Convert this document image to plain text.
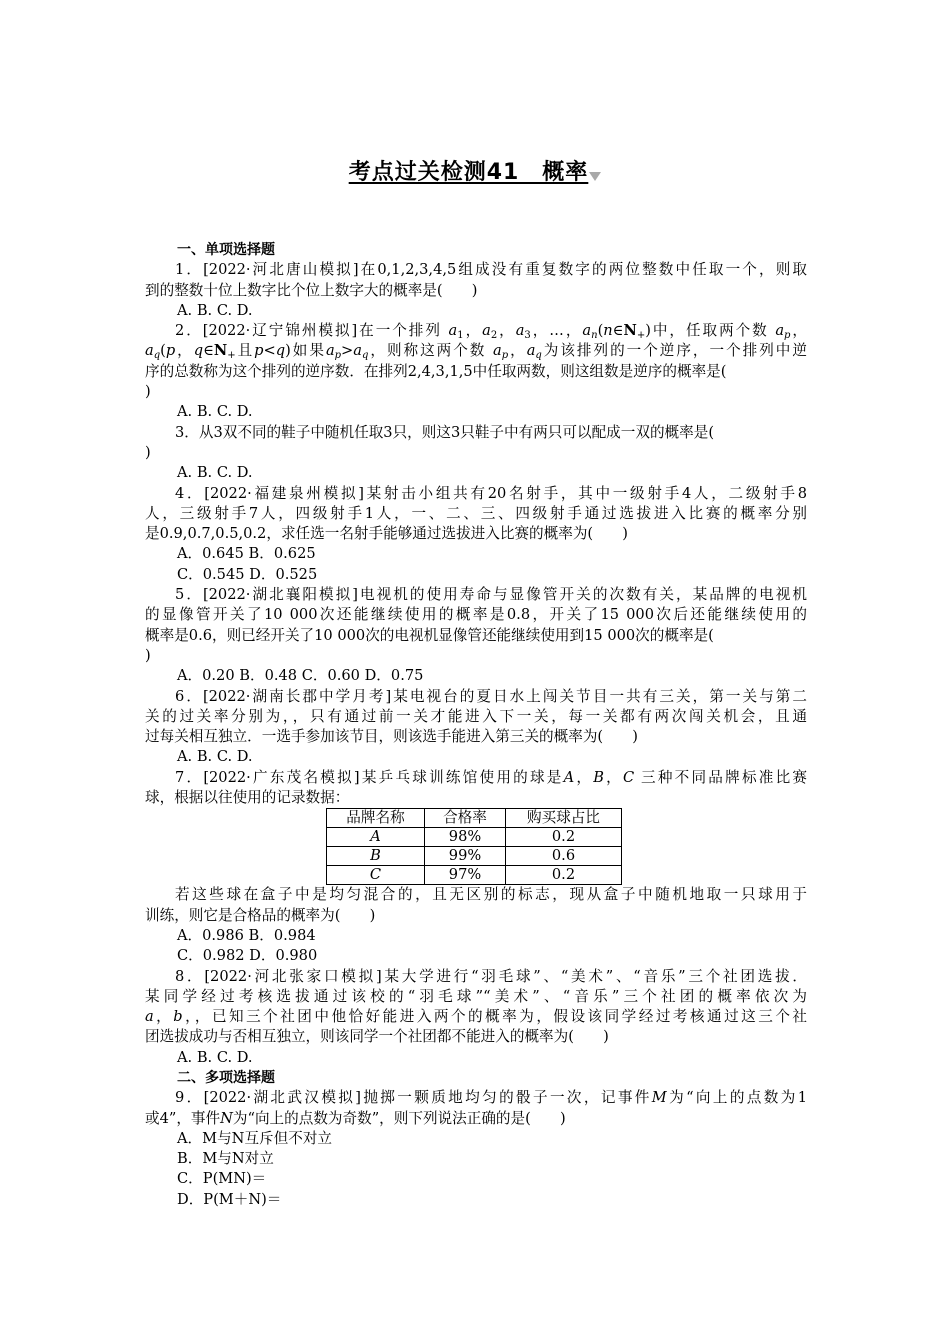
考点过关检测41　概率
一、单项选择题
1．[2022·河北唐山模拟]在0,1,2,3,4,5组成没有重复数字的两位整数中任取一个，则取
到的整数十位上数字比个位上数字大的概率是(　　)
A. B. C. D.
2．[2022·辽宁锦州模拟]在一个排列 $a_1$，$a_2$，$a_3$，…，$a_n(n\in N_+)$中，任取两个数 $a_p$，
$a_q(p$，$q\in N_+$且p<q)如果$a_p>a_q$，则称这两个数 $a_p$，$a_q$为该排列的一个逆序，一个排列中逆
序的总数称为这个排列的逆序数．在排列2,4,3,1,5中任取两数，则这组数是逆序的概率是(
)
A. B. C. D.
3．从3双不同的鞋子中随机任取3只，则这3只鞋子中有两只可以配成一双的概率是(
)
A. B. C. D.
4．[2022·福建泉州模拟]某射击小组共有20名射手，其中一级射手4人，二级射手8
人，三级射手7人，四级射手1人，一、二、三、四级射手通过选拔进入比赛的概率分别
是0.9,0.7,0.5,0.2，求任选一名射手能够通过选拔进入比赛的概率为(　　)
A．0.645 B．0.625
C．0.545 D．0.525
5．[2022·湖北襄阳模拟]电视机的使用寿命与显像管开关的次数有关，某品牌的电视机
的显像管开关了10 000次还能继续使用的概率是0.8，开关了15 000次后还能继续使用的
概率是0.6，则已经开关了10 000次的电视机显像管还能继续使用到15 000次的概率是(
)
A．0.20 B．0.48 C．0.60 D．0.75
6．[2022·湖南长郡中学月考]某电视台的夏日水上闯关节目一共有三关，第一关与第二
关的过关率分别为，，只有通过前一关才能进入下一关，每一关都有两次闯关机会，且通
过每关相互独立．一选手参加该节目，则该选手能进入第三关的概率为(　　)
A. B. C. D.
7．[2022·广东茂名模拟]某乒乓球训练馆使用的球是A，B，C 三种不同品牌标准比赛
球，根据以往使用的记录数据：
品牌名称	合格率	购买球占比
A	98%	0.2
B	99%	0.6
C	97%	0.2
若这些球在盒子中是均匀混合的，且无区别的标志，现从盒子中随机地取一只球用于
训练，则它是合格品的概率为(　　)
A．0.986 B．0.984
C．0.982 D．0.980
8．[2022·河北张家口模拟]某大学进行“羽毛球”、“美术”、“音乐”三个社团选拔．
某同学经过考核选拔通过该校的“羽毛球”“美术”、“音乐”三个社团的概率依次为
a，b，，已知三个社团中他恰好能进入两个的概率为，假设该同学经过考核通过这三个社
团选拔成功与否相互独立，则该同学一个社团都不能进入的概率为(　　)
A. B. C. D.
二、多项选择题
9．[2022·湖北武汉模拟]抛掷一颗质地均匀的骰子一次，记事件M为“向上的点数为1
或4”，事件N为“向上的点数为奇数”，则下列说法正确的是(　　)
A．M与N互斥但不对立
B．M与N对立
C．P(MN)＝
D．P(M＋N)＝
